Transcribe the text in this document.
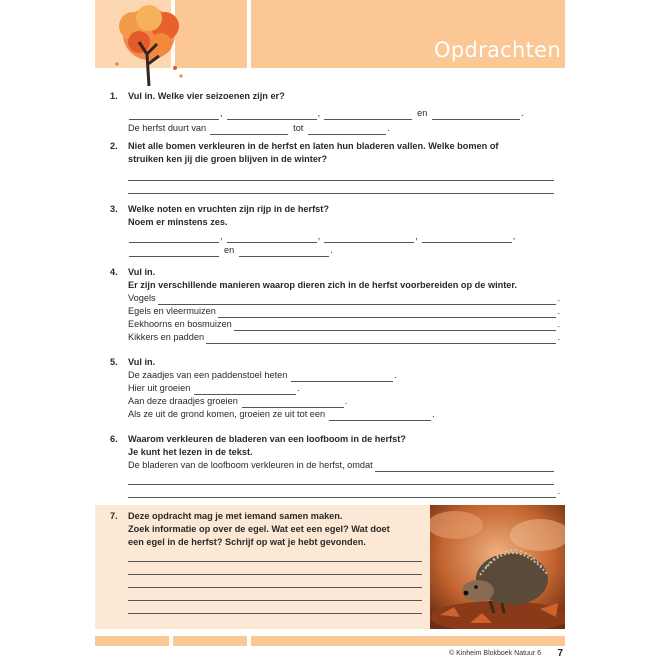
Opdrachten
1. Vul in. Welke vier seizoenen zijn er?
,	,	en	.
De herfst duurt van	tot	.
2. Niet alle bomen verkleuren in de herfst en laten hun bladeren vallen. Welke bomen of
struiken ken jij die groen blijven in de winter?
3. Welke noten en vruchten zijn rijp in de herfst?
Noem er minstens zes.
,	,	,	,
en	.
4. Vul in.
Er zijn verschillende manieren waarop dieren zich in de herfst voorbereiden op de winter.
Vogels	.
Egels en vleermuizen	.
Eekhoorns en bosmuizen	.
Kikkers en padden	.
5. Vul in.
De zaadjes van een paddenstoel heten	.
Hier uit groeien	.
Aan deze draadjes groeien	.
Als ze uit de grond komen, groeien ze uit tot een	.
6. Waarom verkleuren de bladeren van een loofboom in de herfst?
Je kunt het lezen in de tekst.
De bladeren van de loofboom verkleuren in de herfst, omdat
.
7. Deze opdracht mag je met iemand samen maken.
Zoek informatie op over de egel. Wat eet een egel? Wat doet
een egel in de herfst? Schrijf op wat je hebt gevonden.
© Kinheim Blokboek Natuur 6 7
